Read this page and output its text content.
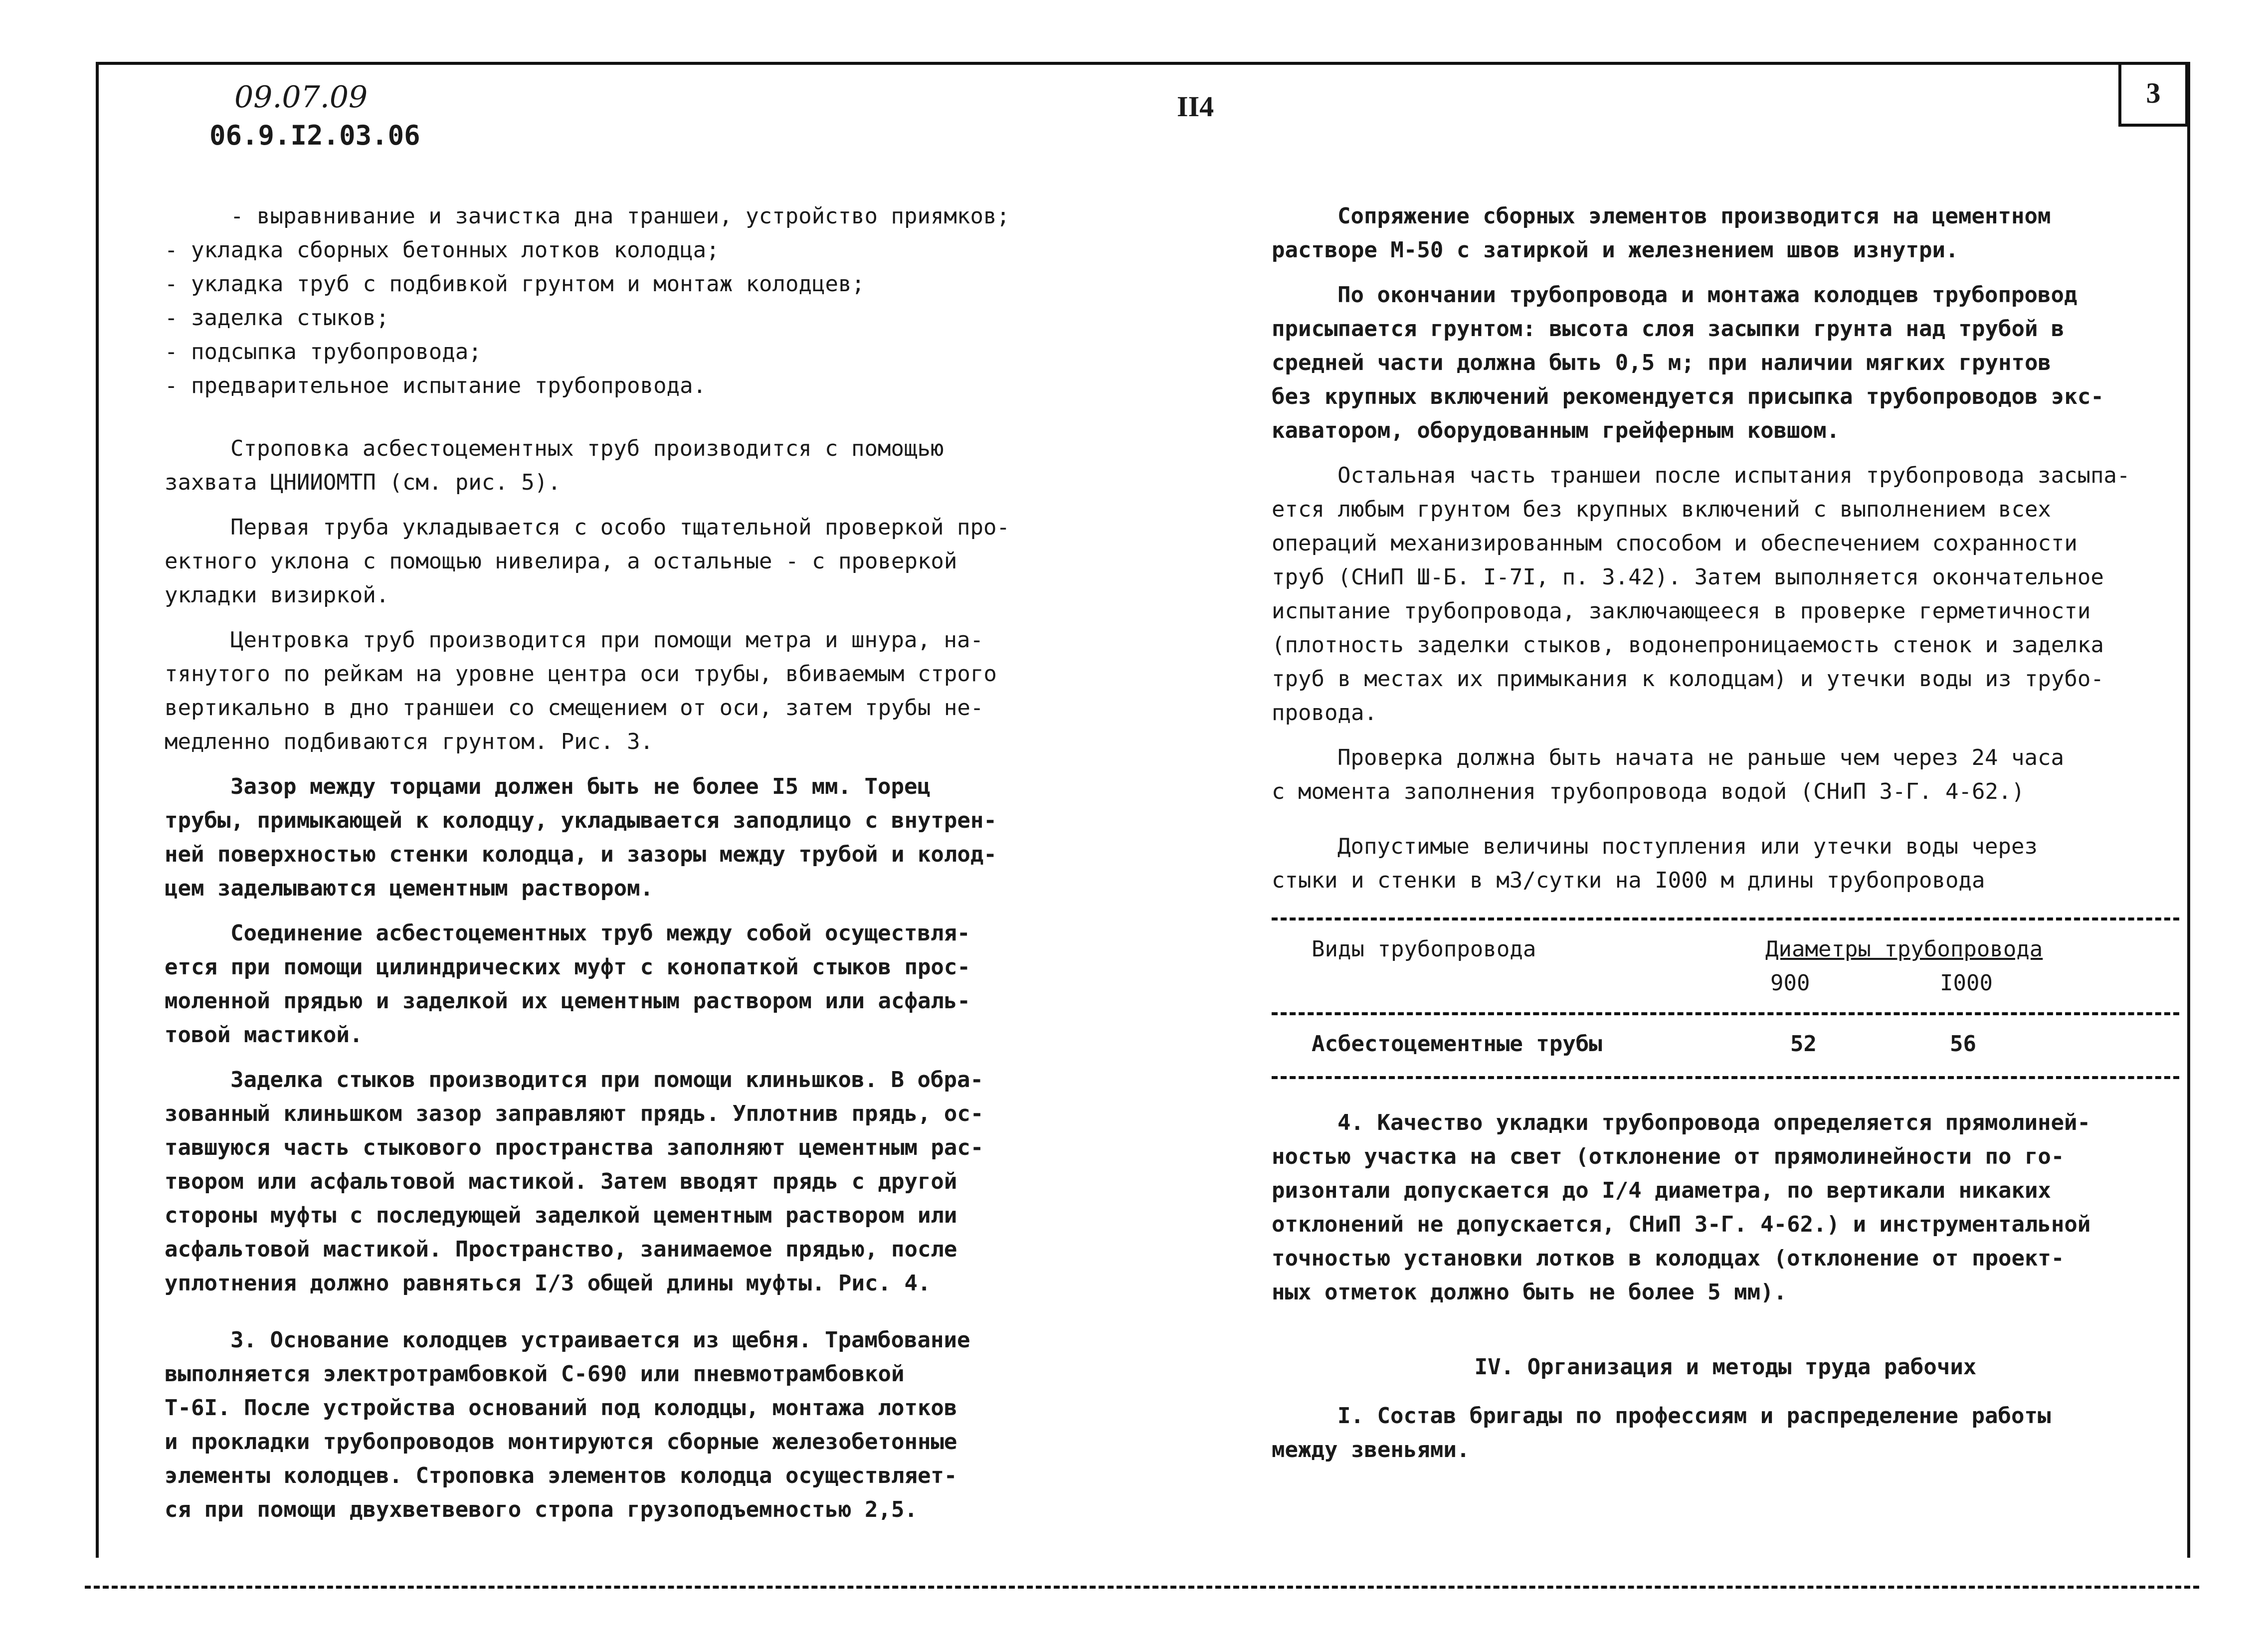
3
09.07.09
06.9.I2.03.06
II4
- выравнивание и зачистка дна траншеи, устройство приямков;
- укладка сборных бетонных лотков колодца;
- укладка труб с подбивкой грунтом и монтаж колодцев;
- заделка стыков;
- подсыпка трубопровода;
- предварительное испытание трубопровода.
Строповка асбестоцементных труб производится с помощью
захвата ЦНИИОМТП (см. рис. 5).
Первая труба укладывается с особо тщательной проверкой про-
ектного уклона с помощью нивелира, а остальные - с проверкой
укладки визиркой.
Центровка труб производится при помощи метра и шнура, на-
тянутого по рейкам на уровне центра оси трубы, вбиваемым строго
вертикально в дно траншеи со смещением от оси, затем трубы не-
медленно подбиваются грунтом. Рис. 3.
Зазор между торцами должен быть не более I5 мм. Торец
трубы, примыкающей к колодцу, укладывается заподлицо с внутрен-
ней поверхностью стенки колодца, и зазоры между трубой и колод-
цем заделываются цементным раствором.
Соединение асбестоцементных труб между собой осуществля-
ется при помощи цилиндрических муфт с конопаткой стыков прос-
моленной прядью и заделкой их цементным раствором или асфаль-
товой мастикой.
Заделка стыков производится при помощи клиньшков. В обра-
зованный клиньшком зазор заправляют прядь. Уплотнив прядь, ос-
тавшуюся часть стыкового пространства заполняют цементным рас-
твором или асфальтовой мастикой. Затем вводят прядь с другой
стороны муфты с последующей заделкой цементным раствором или
асфальтовой мастикой. Пространство, занимаемое прядью, после
уплотнения должно равняться I/3 общей длины муфты. Рис. 4.
3. Основание колодцев устраивается из щебня. Трамбование
выполняется электротрамбовкой С-690 или пневмотрамбовкой
Т-6I. После устройства оснований под колодцы, монтажа лотков
и прокладки трубопроводов монтируются сборные железобетонные
элементы колодцев. Строповка элементов колодца осуществляет-
ся при помощи двухветвевого стропа грузоподъемностью 2,5.
Сопряжение сборных элементов производится на цементном
растворе М-50 с затиркой и железнением швов изнутри.
По окончании трубопровода и монтажа колодцев трубопровод
присыпается грунтом: высота слоя засыпки грунта над трубой в
средней части должна быть 0,5 м; при наличии мягких грунтов
без крупных включений рекомендуется присыпка трубопроводов экс-
каватором, оборудованным грейферным ковшом.
Остальная часть траншеи после испытания трубопровода засыпа-
ется любым грунтом без крупных включений с выполнением всех
операций механизированным способом и обеспечением сохранности
труб (СНиП Ш-Б. I-7I, п. 3.42). Затем выполняется окончательное
испытание трубопровода, заключающееся в проверке герметичности
(плотность заделки стыков, водонепроницаемость стенок и заделка
труб в местах их примыкания к колодцам) и утечки воды из трубо-
провода.
Проверка должна быть начата не раньше чем через 24 часа
с момента заполнения трубопровода водой (СНиП 3-Г. 4-62.)
Допустимые величины поступления или утечки воды через
стыки и стенки в м3/сутки на I000 м длины трубопровода
Виды трубопровода	Диаметры трубопровода
900	I000
Асбестоцементные трубы	52	56
4. Качество укладки трубопровода определяется прямолиней-
ностью участка на свет (отклонение от прямолинейности по го-
ризонтали допускается до I/4 диаметра, по вертикали никаких
отклонений не допускается, СНиП 3-Г. 4-62.) и инструментальной
точностью установки лотков в колодцах (отклонение от проект-
ных отметок должно быть не более 5 мм).
IV. Организация и методы труда рабочих
I. Состав бригады по профессиям и распределение работы
между звеньями.
